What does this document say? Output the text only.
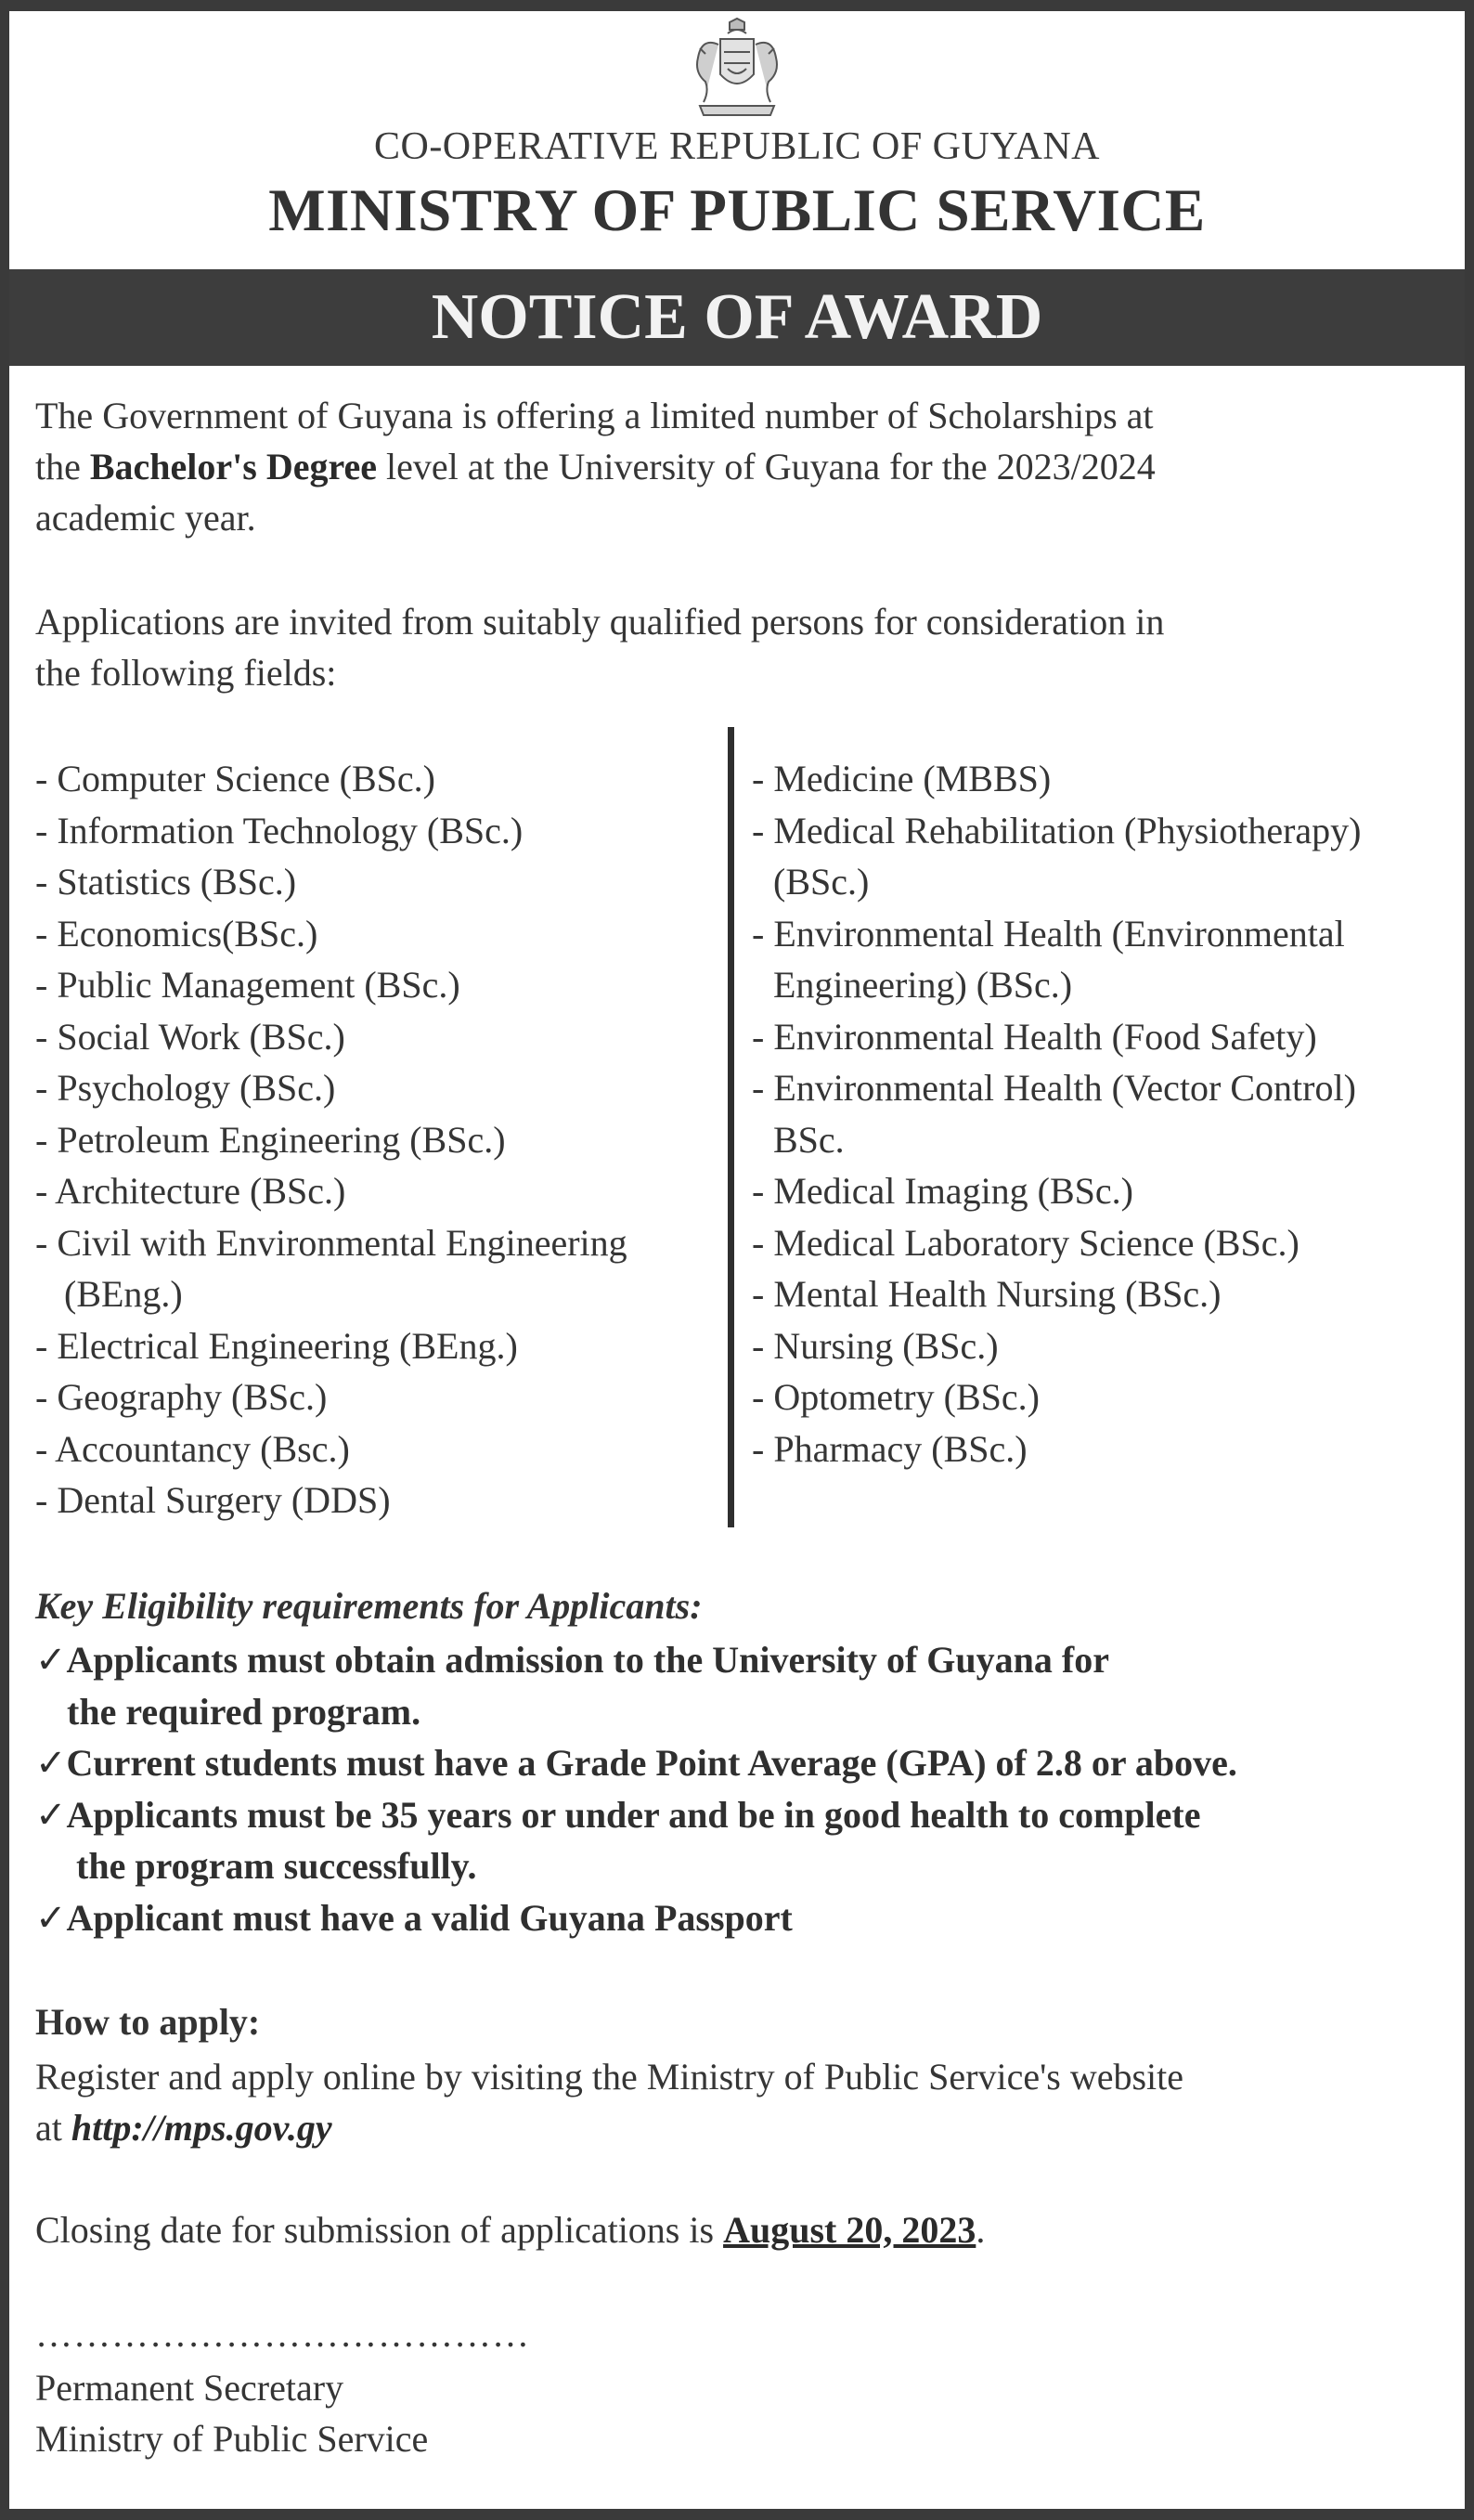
CO-OPERATIVE REPUBLIC OF GUYANA
MINISTRY OF PUBLIC SERVICE
NOTICE OF AWARD
The Government of Guyana is offering a limited number of Scholarships at
the Bachelor's Degree level at the University of Guyana for the 2023/2024
academic year.
Applications are invited from suitably qualified persons for consideration in
the following fields:
- Computer Science (BSc.)
- Information Technology (BSc.)
- Statistics (BSc.)
- Economics(BSc.)
- Public Management (BSc.)
- Social Work (BSc.)
- Psychology (BSc.)
- Petroleum Engineering (BSc.)
- Architecture (BSc.)
- Civil with Environmental Engineering
(BEng.)
- Electrical Engineering (BEng.)
- Geography (BSc.)
- Accountancy (Bsc.)
- Dental Surgery (DDS)
- Medicine (MBBS)
- Medical Rehabilitation (Physiotherapy)
(BSc.)
- Environmental Health (Environmental
Engineering) (BSc.)
- Environmental Health (Food Safety)
- Environmental Health (Vector Control)
BSc.
- Medical Imaging (BSc.)
- Medical Laboratory Science (BSc.)
- Mental Health Nursing (BSc.)
- Nursing (BSc.)
- Optometry (BSc.)
- Pharmacy (BSc.)
Key Eligibility requirements for Applicants:
✓Applicants must obtain admission to the University of Guyana for
the required program.
✓Current students must have a Grade Point Average (GPA) of 2.8 or above.
✓Applicants must be 35 years or under and be in good health to complete
the program successfully.
✓Applicant must have a valid Guyana Passport
How to apply:
Register and apply online by visiting the Ministry of Public Service's website
at http://mps.gov.gy
Closing date for submission of applications is August 20, 2023.
…………………………………
Permanent Secretary
Ministry of Public Service
